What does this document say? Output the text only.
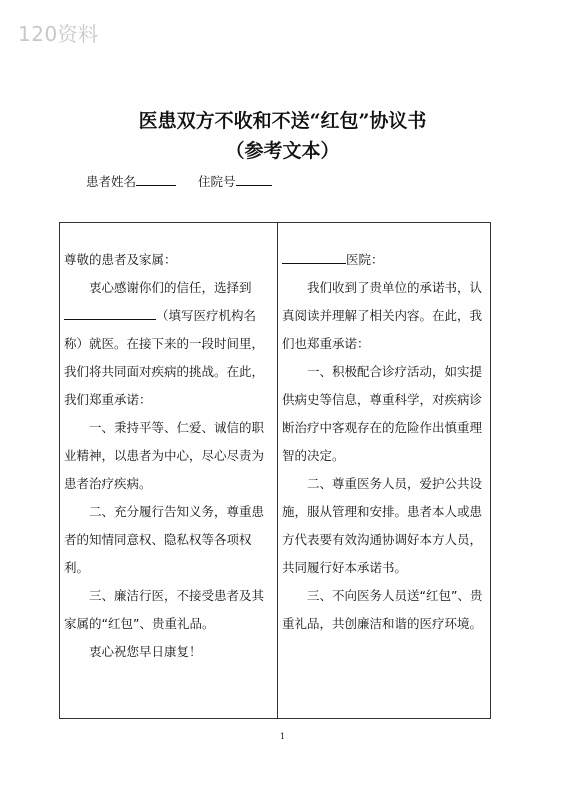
120资料
医患双方不收和不送“红包”协议书
（参考文本）
患者姓名	住院号

尊敬的患者及家属：

衷心感谢你们的信任，选择到

（填写医疗机构名称）就医。在接下来的一段时间里，我们将共同面对疾病的挑战。在此，我们郑重承诺：

一、秉持平等、仁爱、诚信的职业精神，以患者为中心，尽心尽责为患者治疗疾病。

二、充分履行告知义务，尊重患者的知情同意权、隐私权等各项权利。

三、廉洁行医，不接受患者及其家属的“红包”、贵重礼品。

衷心祝您早日康复！

医院：

我们收到了贵单位的承诺书，认真阅读并理解了相关内容。在此，我们也郑重承诺：

一、积极配合诊疗活动，如实提供病史等信息，尊重科学，对疾病诊断治疗中客观存在的危险作出慎重理智的决定。

二、尊重医务人员，爱护公共设施，服从管理和安排。患者本人或患方代表要有效沟通协调好本方人员，共同履行好本承诺书。

三、不向医务人员送“红包”、贵重礼品，共创廉洁和谐的医疗环境。

1
